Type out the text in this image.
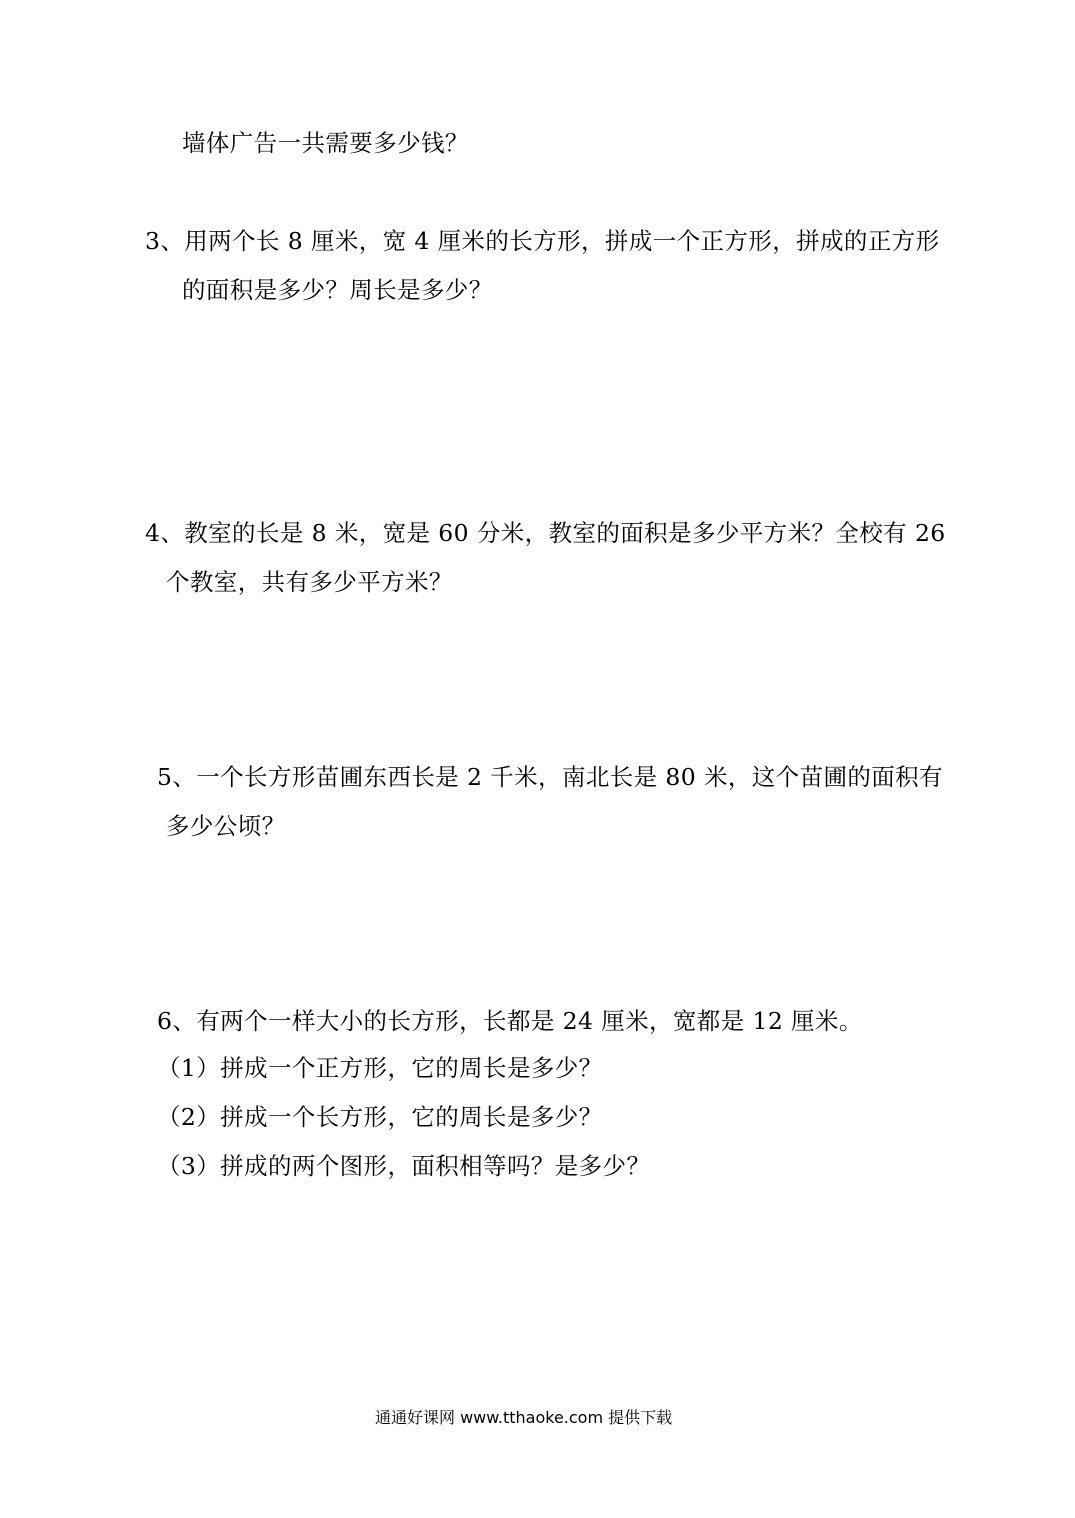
墙体广告一共需要多少钱？
3、用两个长 8 厘米，宽 4 厘米的长方形，拼成一个正方形，拼成的正方形
的面积是多少？周长是多少？
4、教室的长是 8 米，宽是 60 分米，教室的面积是多少平方米？全校有 26
个教室，共有多少平方米？
5、一个长方形苗圃东西长是 2 千米，南北长是 80 米，这个苗圃的面积有
多少公顷？
6、有两个一样大小的长方形，长都是 24 厘米，宽都是 12 厘米。
（1）拼成一个正方形，它的周长是多少？
（2）拼成一个长方形，它的周长是多少？
（3）拼成的两个图形，面积相等吗？是多少？
通通好课网 www.tthaoke.com 提供下载
